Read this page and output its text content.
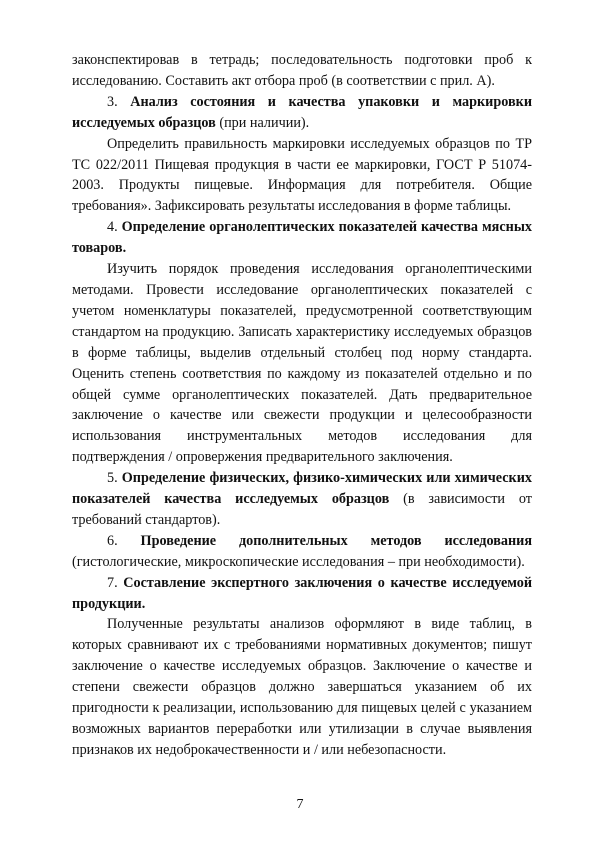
законспектировав в тетрадь; последовательность подготовки проб к исследованию. Составить акт отбора проб (в соответствии с прил. А).

3. Анализ состояния и качества упаковки и маркировки исследуемых образцов (при наличии).

Определить правильность маркировки исследуемых образцов по ТР ТС 022/2011 Пищевая продукция в части ее маркировки, ГОСТ Р 51074-2003. Продукты пищевые. Информация для потребителя. Общие требования». Зафиксировать результаты исследования в форме таблицы.

4. Определение органолептических показателей качества мясных товаров.

Изучить порядок проведения исследования органолептическими методами. Провести исследование органолептических показателей с учетом номенклатуры показателей, предусмотренной соответствующим стандартом на продукцию. Записать характеристику исследуемых образцов в форме таблицы, выделив отдельный столбец под норму стандарта. Оценить степень соответствия по каждому из показателей отдельно и по общей сумме органолептических показателей. Дать предварительное заключение о качестве или свежести продукции и целесообразности использования инструментальных методов исследования для подтверждения / опровержения предварительного заключения.

5. Определение физических, физико-химических или химических показателей качества исследуемых образцов (в зависимости от требований стандартов).

6. Проведение дополнительных методов исследования (гистологические, микроскопические исследования – при необходимости).

7. Составление экспертного заключения о качестве исследуемой продукции.

Полученные результаты анализов оформляют в виде таблиц, в которых сравнивают их с требованиями нормативных документов; пишут заключение о качестве исследуемых образцов. Заключение о качестве и степени свежести образцов должно завершаться указанием об их пригодности к реализации, использованию для пищевых целей с указанием возможных вариантов переработки или утилизации в случае выявления признаков их недоброкачественности и / или небезопасности.

7
